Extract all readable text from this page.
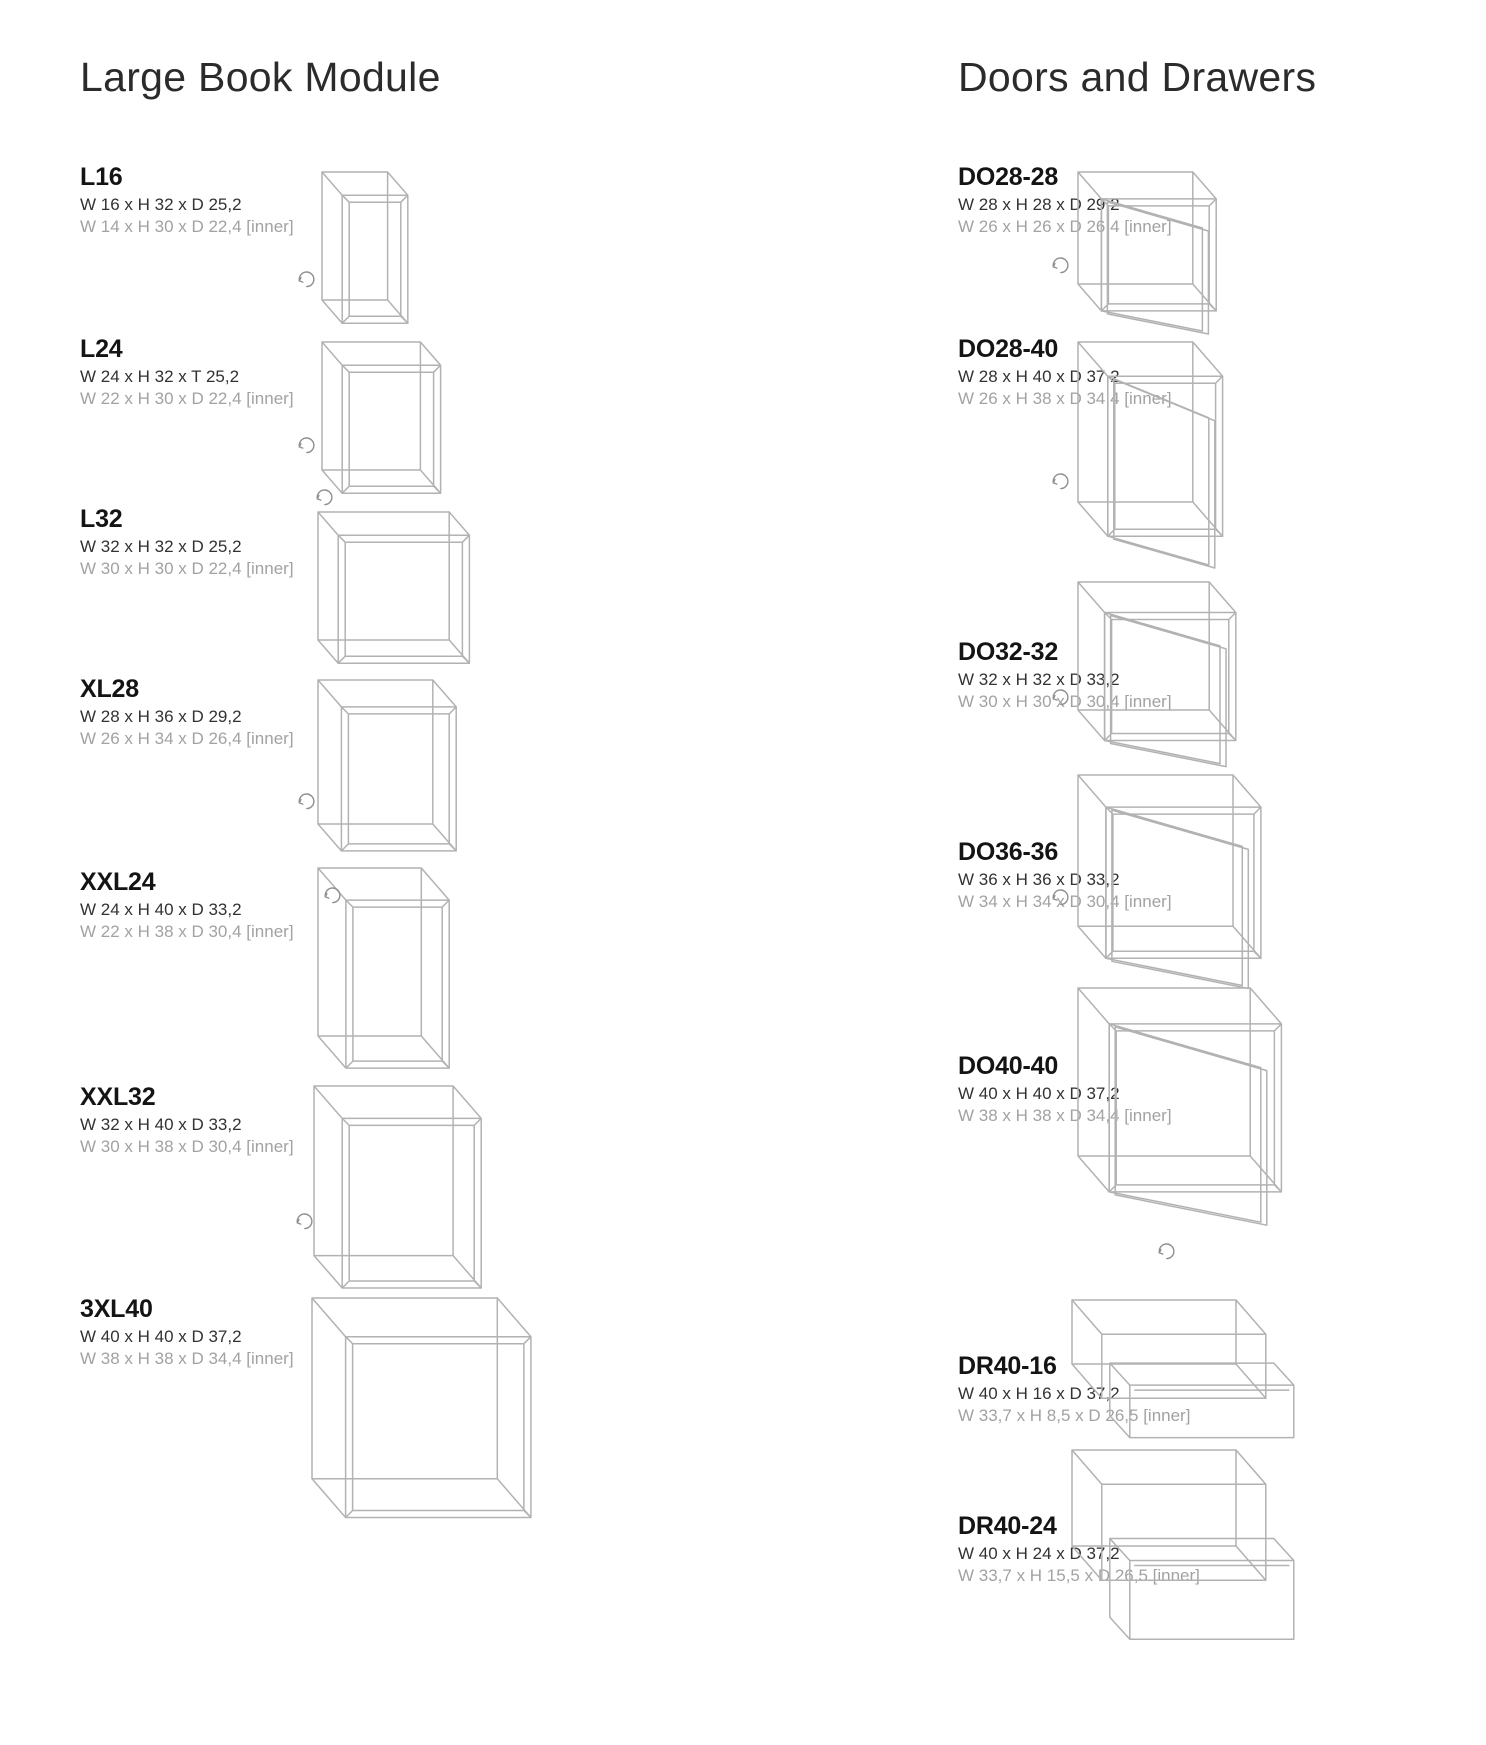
Large Book Module	Doors and Drawers
L16
W 16 x H 32 x D 25,2
W 14 x H 30 x D 22,4 [inner]
L24
W 24 x H 32 x T 25,2
W 22 x H 30 x D 22,4 [inner]
L32
W 32 x H 32 x D 25,2
W 30 x H 30 x D 22,4 [inner]
XL28
W 28 x H 36 x D 29,2
W 26 x H 34 x D 26,4 [inner]
XXL24
W 24 x H 40 x D 33,2
W 22 x H 38 x D 30,4 [inner]
XXL32
W 32 x H 40 x D 33,2
W 30 x H 38 x D 30,4 [inner]
3XL40
W 40 x H 40 x D 37,2
W 38 x H 38 x D 34,4 [inner]
DO28-28
W 28 x H 28 x D 29,2
W 26 x H 26 x D 26,4 [inner]
DO28-40
W 28 x H 40 x D 37,2
W 26 x H 38 x D 34,4 [inner]
DO32-32
W 32 x H 32 x D 33,2
W 30 x H 30 x D 30,4 [inner]
DO36-36
W 36 x H 36 x D 33,2
W 34 x H 34 x D 30,4 [inner]
DO40-40
W 40 x H 40 x D 37,2
W 38 x H 38 x D 34,4 [inner]
DR40-16
W 40 x H 16 x D 37,2
W 33,7 x H 8,5 x D 26,5 [inner]
DR40-24
W 40 x H 24 x D 37,2
W 33,7 x H 15,5 x D 26,5 [inner]
